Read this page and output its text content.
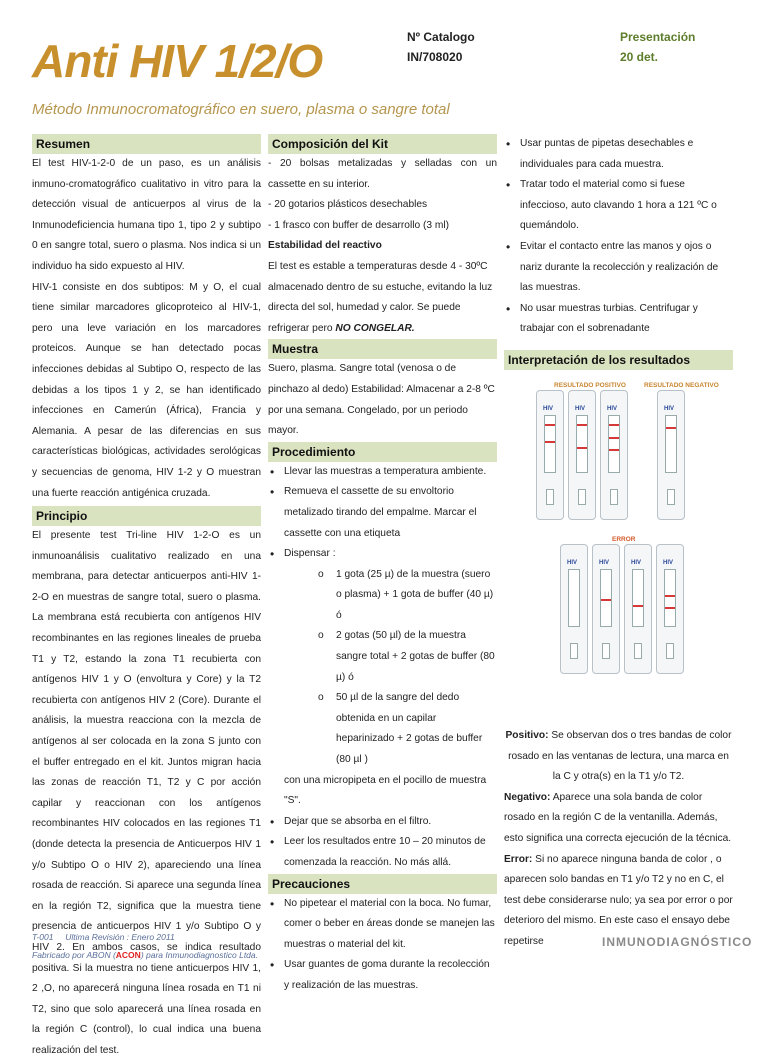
Anti HIV 1/2/O
Método Inmunocromatográfico en suero, plasma o sangre total
Nº Catalogo
IN/708020
Presentación
20 det.
Resumen

El test HIV-1-2-0 de un paso, es un análisis inmuno-cromatográfico cualitativo in vitro para la detección visual de anticuerpos al virus de la Inmunodeficiencia humana tipo 1, tipo 2 y subtipo 0 en sangre total, suero o plasma. Nos indica si un individuo ha sido expuesto al HIV.

HIV-1 consiste en dos subtipos: M y O, el cual tiene similar marcadores glicoproteico al HIV-1, pero una leve variación en los marcadores proteicos. Aunque se han detectado pocas infecciones debidas al Subtipo O, respecto de las debidas a los tipos 1 y 2, se han identificado infecciones en Camerún (África), Francia y Alemania. A pesar de las diferencias en sus características biológicas, actividades serológicas y secuencias de genoma, HIV 1-2 y O muestran una fuerte reacción antigénica cruzada.

Principio

El presente test Tri-line HIV 1-2-O es un inmunoanálisis cualitativo realizado en una membrana, para detectar anticuerpos anti-HIV 1-2-O en muestras de sangre total, suero o plasma. La membrana está recubierta con antígenos HIV recombinantes en las regiones lineales de prueba T1 y T2, estando la zona T1 recubierta con antígenos HIV 1 y O (envoltura y Core) y la T2 recubierta con antígenos HIV 2 (Core). Durante el análisis, la muestra reacciona con la mezcla de antígenos al ser colocada en la zona S junto con el buffer entregado en el kit. Juntos migran hacia las zonas de reacción T1, T2 y C por acción capilar y reaccionan con los antígenos recombinantes HIV colocados en las regiones T1 (donde detecta la presencia de Anticuerpos HIV 1 y/o Subtipo O o HIV 2), apareciendo una línea rosada de reacción. Si aparece una segunda línea en la región T2, significa que la muestra tiene presencia de anticuerpos HIV 1 y/o Subtipo O y HIV 2. En ambos casos, se indica resultado positiva. Si la muestra no tiene anticuerpos HIV 1, 2 ,O, no aparecerá ninguna línea rosada en T1 ni T2, sino que solo aparecerá una línea rosada en la región C (control), lo cual indica una buena realización del test.

Composición del Kit

- 20 bolsas metalizadas y selladas con un cassette en su interior.

- 20 gotarios plásticos desechables

- 1 frasco con buffer de desarrollo (3 ml)

Estabilidad del reactivo

El test es estable a temperaturas desde 4 - 30ºC almacenado dentro de su estuche, evitando la luz directa del sol, humedad y calor. Se puede refrigerar pero NO CONGELAR.

Muestra

Suero, plasma. Sangre total (venosa o de pinchazo al dedo) Estabilidad: Almacenar a 2-8 ºC por una semana. Congelado, por un periodo mayor.

Procedimiento
• Llevar las muestras a temperatura ambiente.
• Remueva el cassette de su envoltorio metalizado tirando del empalme. Marcar el cassette con una etiqueta
• Dispensar :
o 1 gota (25 µ) de la muestra (suero o plasma) + 1 gota de buffer (40 µ) ó
o 2 gotas (50 µl) de la muestra sangre total + 2 gotas de buffer (80 µ) ó
o 50 µl de la sangre del dedo obtenida en un capilar heparinizado + 2 gotas de buffer (80 µl )

con una micropipeta en el pocillo de muestra "S".

• Dejar que se absorba en el filtro.
• Leer los resultados entre 10 – 20 minutos de comenzada la reacción. No más allá.
Precauciones
• No pipetear el material con la boca. No fumar, comer o beber en áreas donde se manejen las muestras o material del kit.
• Usar guantes de goma durante la recolección y realización de las muestras.
• Usar puntas de pipetas desechables e individuales para cada muestra.
• Tratar todo el material como si fuese infeccioso, auto clavando 1 hora a 121 ºC o quemándolo.
• Evitar el contacto entre las manos y ojos o nariz durante la recolección y realización de las muestras.
• No usar muestras turbias. Centrifugar y trabajar con el sobrenadante
Interpretación de los resultados
RESULTADO POSITIVO	RESULTADO NEGATIVO
HIV	HIV	HIV	HIV
ERROR
HIV	HIV	HIV	HIV

Positivo: Se observan dos o tres bandas de color rosado en las ventanas de lectura, una marca en la C y otra(s) en la T1 y/o T2.

Negativo: Aparece una sola banda de color rosado en la región C de la ventanilla. Además, esto significa una correcta ejecución de la técnica.

Error: Si no aparece ninguna banda de color , o aparecen solo bandas en T1 y/o T2 y no en C, el test debe considerarse nulo; ya sea por error o por deterioro del mismo. En este caso el ensayo debe repetirse

T-001 Ultima Revisión : Enero 2011
Fabricado por ABON (ACON) para Inmunodiagnostico Ltda.
INMUNODIAGNÓSTICO
